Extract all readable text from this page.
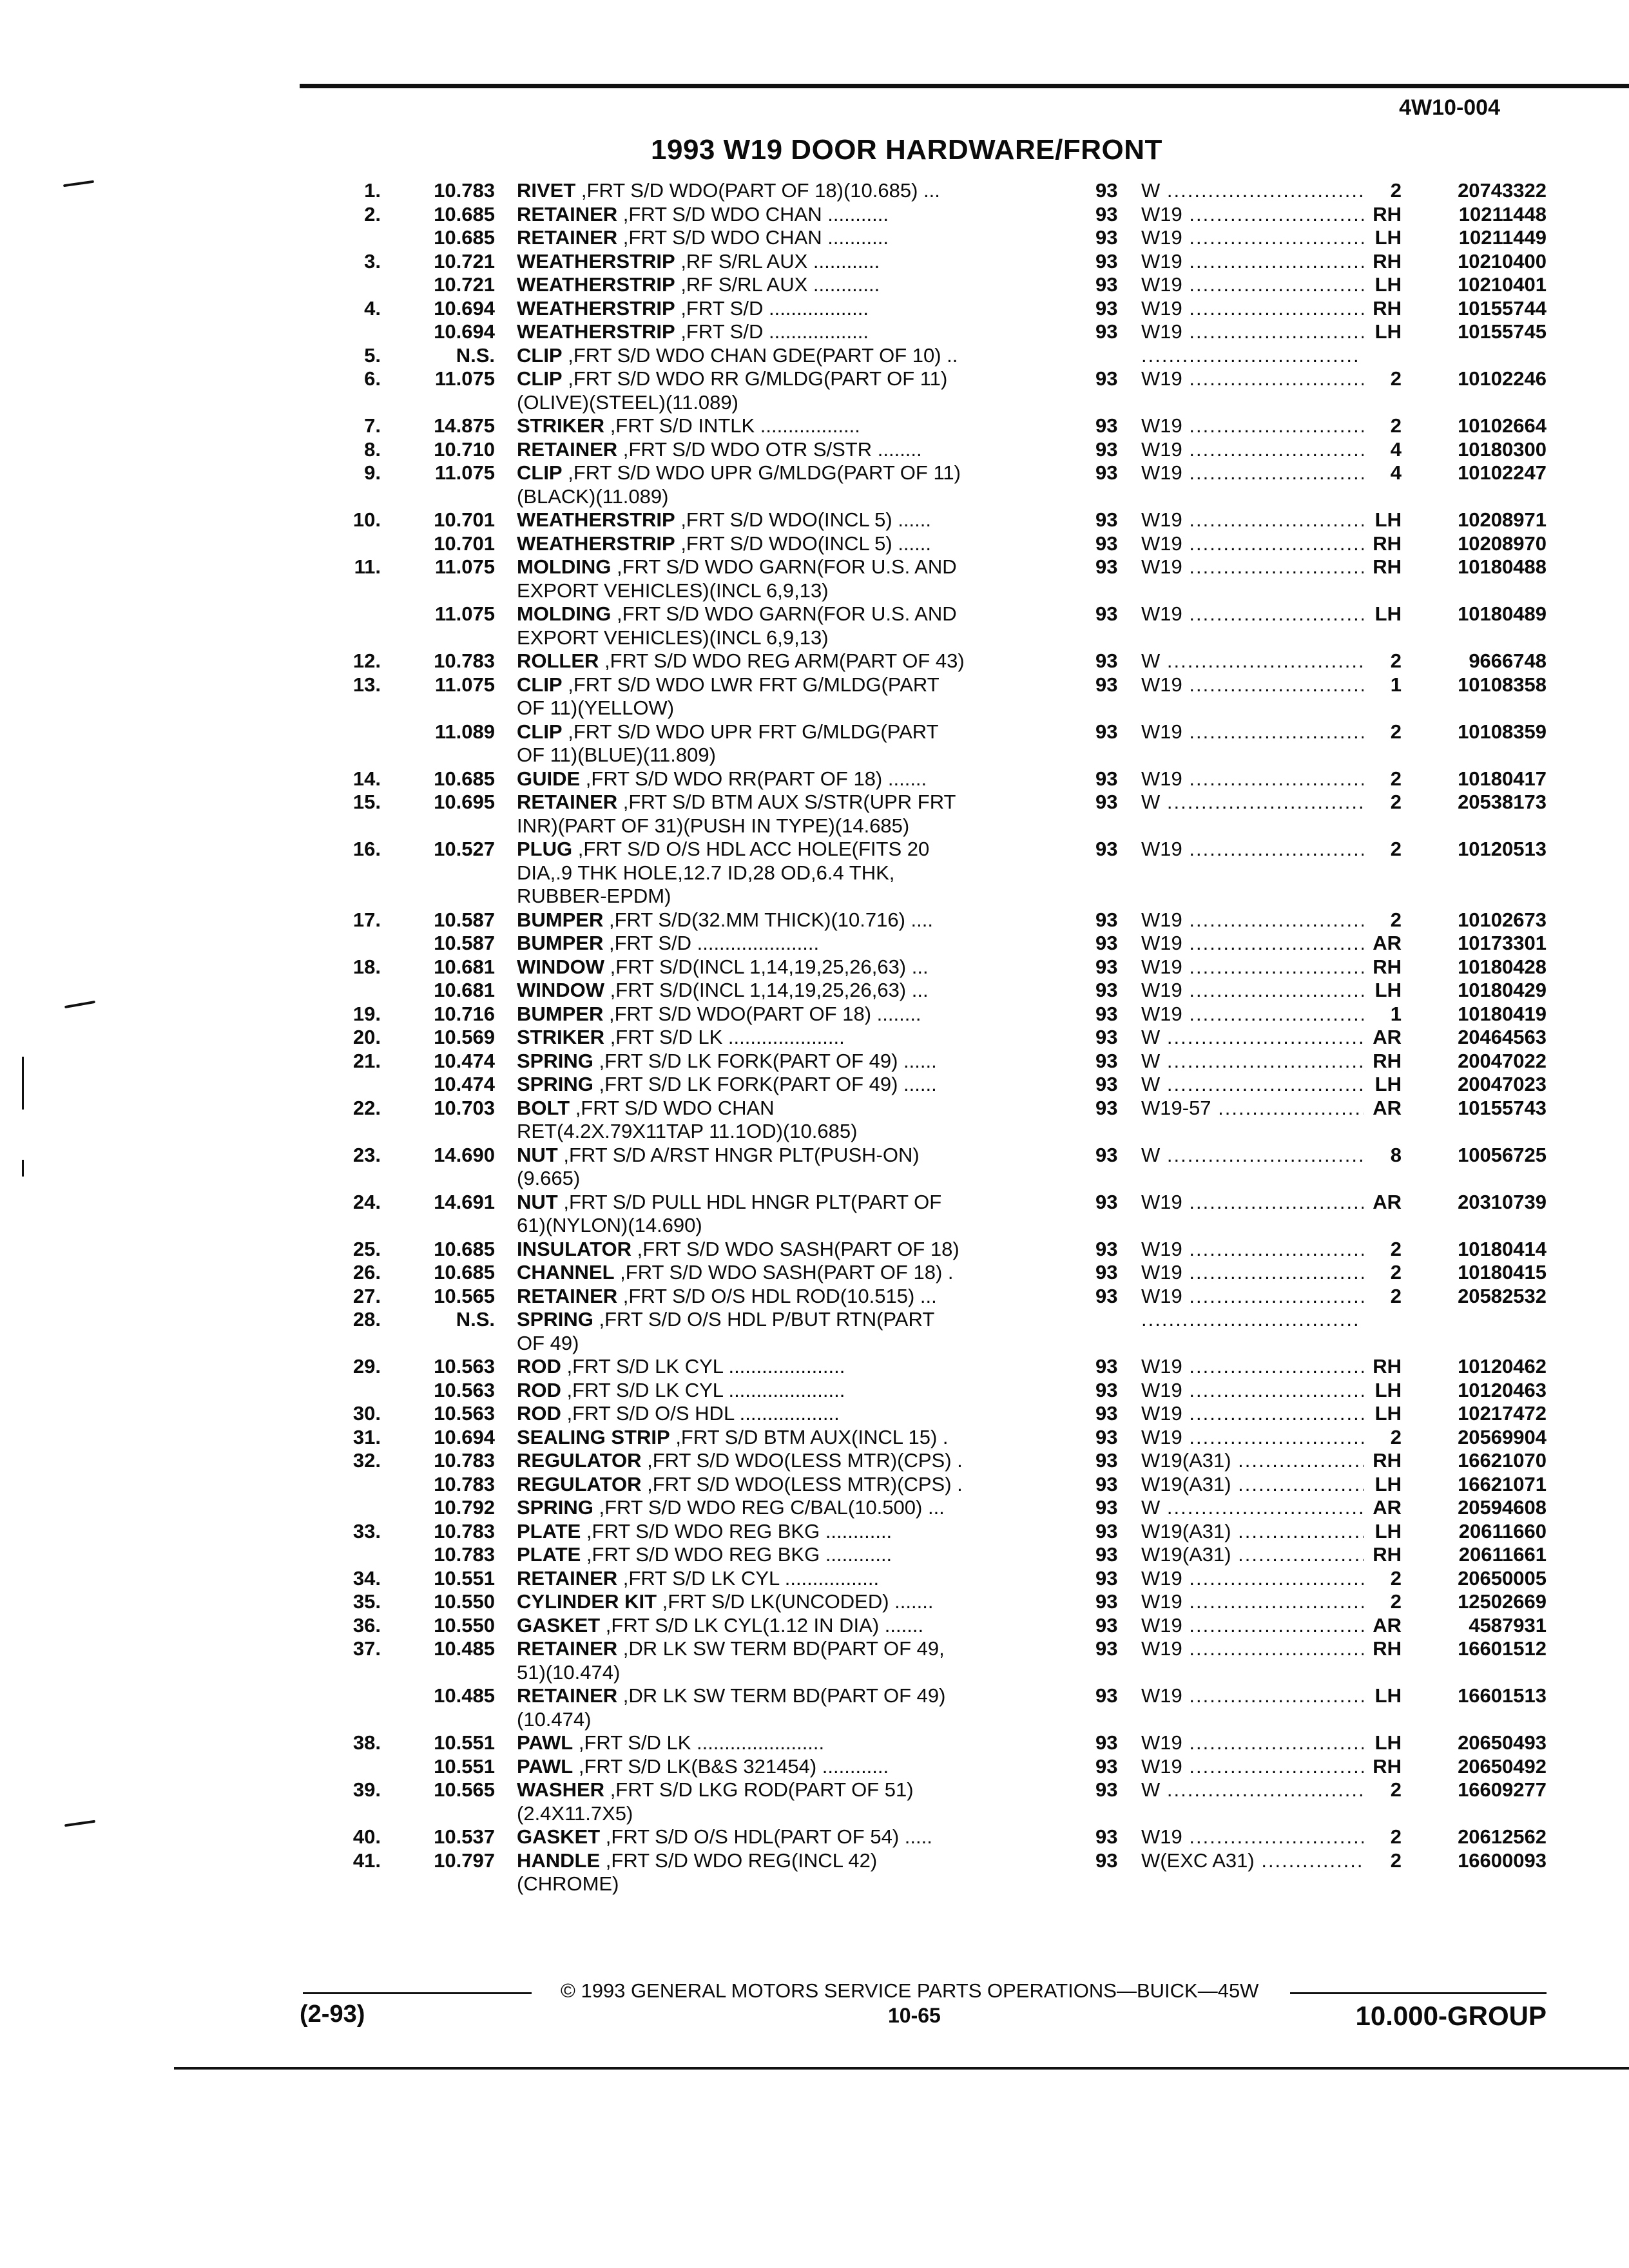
4W10-004
1993 W19 DOOR HARDWARE/FRONT
1.	10.783 RIVET ,FRT S/D WDO(PART OF 18)(10.685) ...	93 W .....	2	20743322
2.	10.685 RETAINER ,FRT S/D WDO CHAN ...........	93 W19 .....	RH	10211448
10.685 RETAINER ,FRT S/D WDO CHAN ...........	93 W19 .....	LH	10211449
3.	10.721 WEATHERSTRIP ,RF S/RL AUX ............	93 W19 .....	RH	10210400
10.721 WEATHERSTRIP ,RF S/RL AUX ............	93 W19 .....	LH	10210401
4.	10.694 WEATHERSTRIP ,FRT S/D ..................	93 W19 .....	RH	10155744
10.694 WEATHERSTRIP ,FRT S/D ..................	93 W19 .....	LH	10155745
5.	N.S. CLIP ,FRT S/D WDO CHAN GDE(PART OF 10) ..
.....
6.	11.075 CLIP ,FRT S/D WDO RR G/MLDG(PART OF 11)	93 W19 .....	2	10102246
(OLIVE)(STEEL)(11.089)
7.	14.875 STRIKER ,FRT S/D INTLK ..................	93 W19 .....	2	10102664
8.	10.710 RETAINER ,FRT S/D WDO OTR S/STR ........	93 W19 .....	4	10180300
9.	11.075 CLIP ,FRT S/D WDO UPR G/MLDG(PART OF 11)	93 W19 .....	4	10102247
(BLACK)(11.089)
10.	10.701 WEATHERSTRIP ,FRT S/D WDO(INCL 5) ......	93 W19 .....	LH	10208971
10.701 WEATHERSTRIP ,FRT S/D WDO(INCL 5) ......	93 W19 .....	RH	10208970
11.	11.075 MOLDING ,FRT S/D WDO GARN(FOR U.S. AND	93 W19 .....	RH	10180488
EXPORT VEHICLES)(INCL 6,9,13)
11.075 MOLDING ,FRT S/D WDO GARN(FOR U.S. AND	93 W19 .....	LH	10180489
EXPORT VEHICLES)(INCL 6,9,13)
12.	10.783 ROLLER ,FRT S/D WDO REG ARM(PART OF 43)	93 W .....	2	9666748
13.	11.075 CLIP ,FRT S/D WDO LWR FRT G/MLDG(PART	93 W19 .....	1	10108358
OF 11)(YELLOW)
11.089 CLIP ,FRT S/D WDO UPR FRT G/MLDG(PART	93 W19 .....	2	10108359
OF 11)(BLUE)(11.809)
14.	10.685 GUIDE ,FRT S/D WDO RR(PART OF 18) .......	93 W19 .....	2	10180417
15.	10.695 RETAINER ,FRT S/D BTM AUX S/STR(UPR FRT	93 W .....	2	20538173
INR)(PART OF 31)(PUSH IN TYPE)(14.685)
16.	10.527 PLUG ,FRT S/D O/S HDL ACC HOLE(FITS 20	93 W19 .....	2	10120513
DIA,.9 THK HOLE,12.7 ID,28 OD,6.4 THK,
RUBBER-EPDM)
17.	10.587 BUMPER ,FRT S/D(32.MM THICK)(10.716) ....	93 W19 .....	2	10102673
10.587 BUMPER ,FRT S/D ......................	93 W19 .....	AR	10173301
18.	10.681 WINDOW ,FRT S/D(INCL 1,14,19,25,26,63) ...	93 W19 .....	RH	10180428
10.681 WINDOW ,FRT S/D(INCL 1,14,19,25,26,63) ...	93 W19 .....	LH	10180429
19.	10.716 BUMPER ,FRT S/D WDO(PART OF 18) ........	93 W19 .....	1	10180419
20.	10.569 STRIKER ,FRT S/D LK .....................	93 W .....	AR	20464563
21.	10.474 SPRING ,FRT S/D LK FORK(PART OF 49) ......	93 W .....	RH	20047022
10.474 SPRING ,FRT S/D LK FORK(PART OF 49) ......	93 W .....	LH	20047023
22.	10.703 BOLT ,FRT S/D WDO CHAN	93 W19-57 .....	AR	10155743
RET(4.2X.79X11TAP 11.1OD)(10.685)
23.	14.690 NUT ,FRT S/D A/RST HNGR PLT(PUSH-ON)	93 W .....	8	10056725
(9.665)
24.	14.691 NUT ,FRT S/D PULL HDL HNGR PLT(PART OF	93 W19 .....	AR	20310739
61)(NYLON)(14.690)
25.	10.685 INSULATOR ,FRT S/D WDO SASH(PART OF 18)	93 W19 .....	2	10180414
26.	10.685 CHANNEL ,FRT S/D WDO SASH(PART OF 18) .	93 W19 .....	2	10180415
27.	10.565 RETAINER ,FRT S/D O/S HDL ROD(10.515) ...	93 W19 .....	2	20582532
28.	N.S. SPRING ,FRT S/D O/S HDL P/BUT RTN(PART
.....
OF 49)
29.	10.563 ROD ,FRT S/D LK CYL .....................	93 W19 .....	RH	10120462
10.563 ROD ,FRT S/D LK CYL .....................	93 W19 .....	LH	10120463
30.	10.563 ROD ,FRT S/D O/S HDL ..................	93 W19 .....	LH	10217472
31.	10.694 SEALING STRIP ,FRT S/D BTM AUX(INCL 15) .	93 W19 .....	2	20569904
32.	10.783 REGULATOR ,FRT S/D WDO(LESS MTR)(CPS) .	93 W19(A31) .....	RH	16621070
10.783 REGULATOR ,FRT S/D WDO(LESS MTR)(CPS) .	93 W19(A31) .....	LH	16621071
10.792 SPRING ,FRT S/D WDO REG C/BAL(10.500) ...	93 W .....	AR	20594608
33.	10.783 PLATE ,FRT S/D WDO REG BKG ............	93 W19(A31) .....	LH	20611660
10.783 PLATE ,FRT S/D WDO REG BKG ............	93 W19(A31) .....	RH	20611661
34.	10.551 RETAINER ,FRT S/D LK CYL .................	93 W19 .....	2	20650005
35.	10.550 CYLINDER KIT ,FRT S/D LK(UNCODED) .......	93 W19 .....	2	12502669
36.	10.550 GASKET ,FRT S/D LK CYL(1.12 IN DIA) .......	93 W19 .....	AR	4587931
37.	10.485 RETAINER ,DR LK SW TERM BD(PART OF 49,	93 W19 .....	RH	16601512
51)(10.474)
10.485 RETAINER ,DR LK SW TERM BD(PART OF 49)	93 W19 .....	LH	16601513
(10.474)
38.	10.551 PAWL ,FRT S/D LK .......................	93 W19 .....	LH	20650493
10.551 PAWL ,FRT S/D LK(B&S 321454) ............	93 W19 .....	RH	20650492
39.	10.565 WASHER ,FRT S/D LKG ROD(PART OF 51)	93 W .....	2	16609277
(2.4X11.7X5)
40.	10.537 GASKET ,FRT S/D O/S HDL(PART OF 54) .....	93 W19 .....	2	20612562
41.	10.797 HANDLE ,FRT S/D WDO REG(INCL 42)	93 W(EXC A31) .....	2	16600093
(CHROME)
© 1993 GENERAL MOTORS SERVICE PARTS OPERATIONS—BUICK—45W
(2-93)	10-65	10.000-GROUP
